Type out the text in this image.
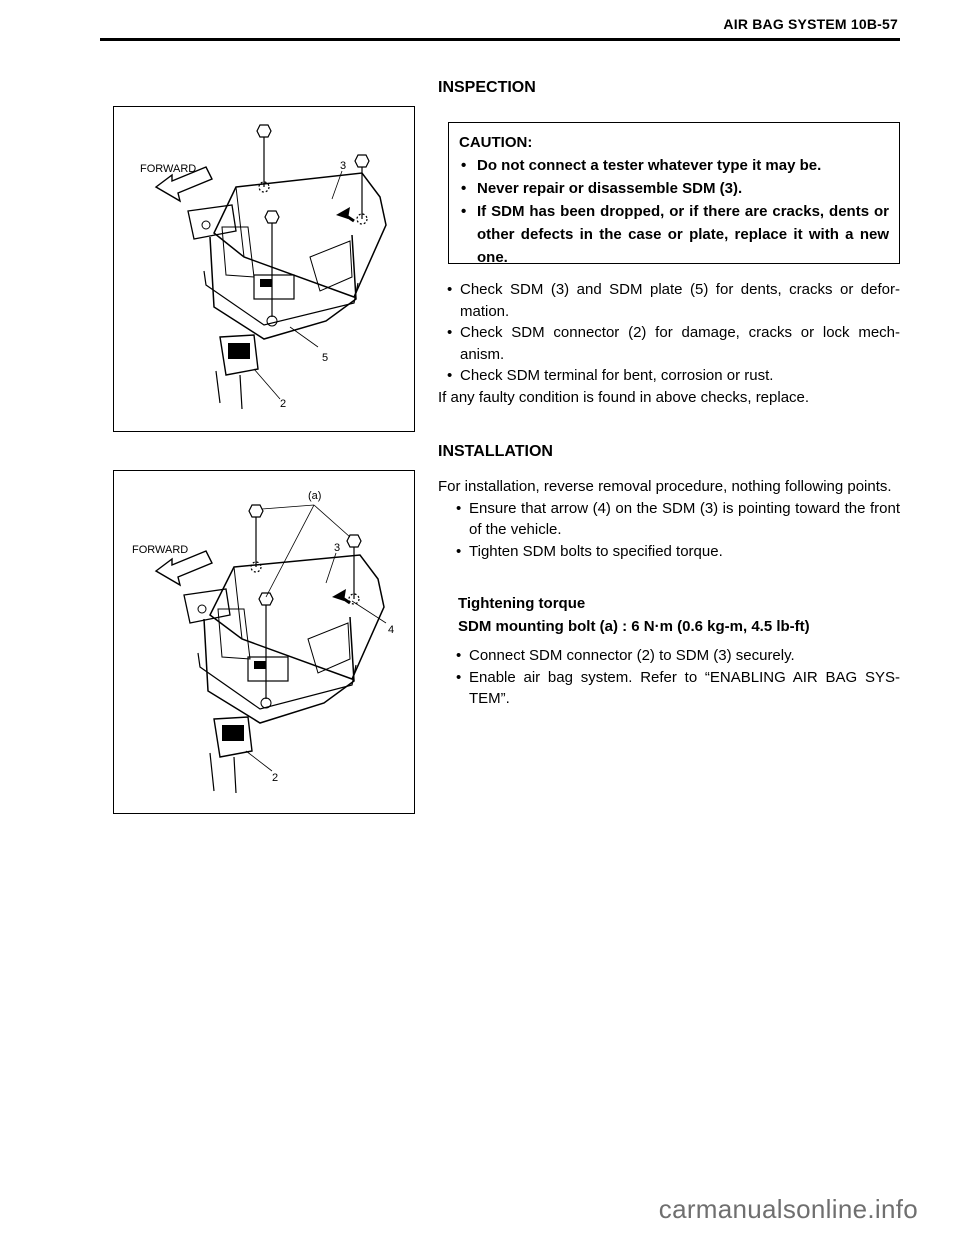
AIR BAG SYSTEM 10B-57
INSPECTION
FORWARD	3
5
2
CAUTION:
• Do not connect a tester whatever type it may be.
• Never repair or disassemble SDM (3).
• If SDM has been dropped, or if there are cracks, dents or other defects in the case or plate, replace it with a new one.
• Check SDM (3) and SDM plate (5) for dents, cracks or defor-mation.
• Check SDM connector (2) for damage, cracks or lock mech-anism.
• Check SDM terminal for bent, corrosion or rust.

If any faulty condition is found in above checks, replace.

INSTALLATION
FORWARD
(a)
3
4
2

For installation, reverse removal procedure, nothing following points.

• Ensure that arrow (4) on the SDM (3) is pointing toward the front of the vehicle.
• Tighten SDM bolts to specified torque.
Tightening torque
SDM mounting bolt (a) : 6 N·m (0.6 kg-m, 4.5 lb-ft)
• Connect SDM connector (2) to SDM (3) securely.
• Enable air bag system. Refer to “ENABLING AIR BAG SYS-TEM”.
carmanualsonline.info
